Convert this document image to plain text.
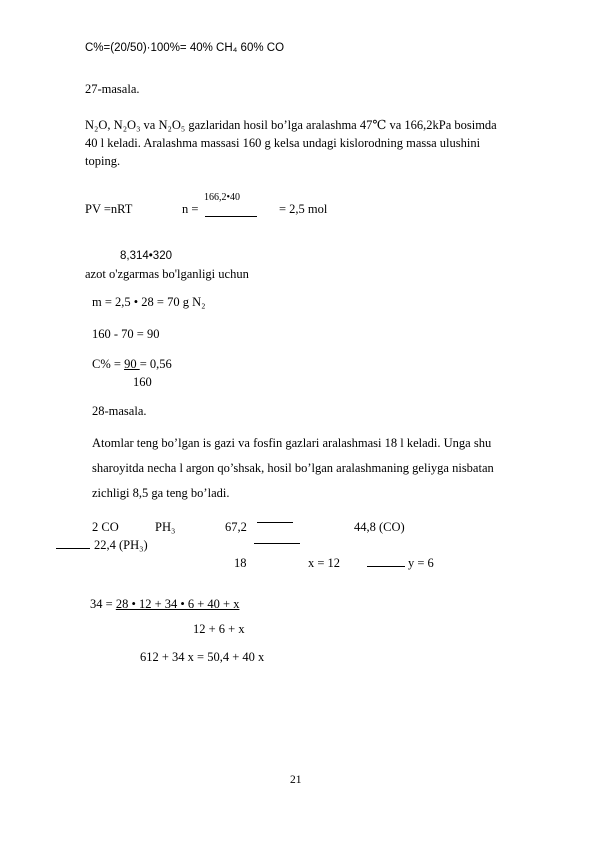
C%=(20/50)·100%= 40% CH₄ 60% CO
27-masala.
N₂O, N₂O₃ va N₂O₅ gazlaridan hosil bo’lga aralashma 47℃ va 166,2kPa bosimda
40 l keladi. Aralashma massasi 160 g kelsa undagi kislorodning massa ulushini
toping.
PV =nRT	n =
166,2•40
= 2,5 mol
8,314•320
azot o'zgarmas bo'lganligi uchun
m = 2,5 • 28 = 70 g N₂
160 - 70 = 90
C% = 90 = 0,56
160
28-masala.
Atomlar teng bo’lgan is gazi va fosfin gazlari aralashmasi 18 l keladi. Unga shu
sharoyitda necha l argon qo’shsak, hosil bo’lgan aralashmaning geliyga nisbatan
zichligi 8,5 ga teng bo’ladi.
2 CO	PH₃	67,2	44,8 (CO)
22,4 (PH₃)
18	x = 12	y = 6
34 = 28 • 12 + 34 • 6 + 40 + x
12 + 6 + x
612 + 34 x = 50,4 + 40 x
21
